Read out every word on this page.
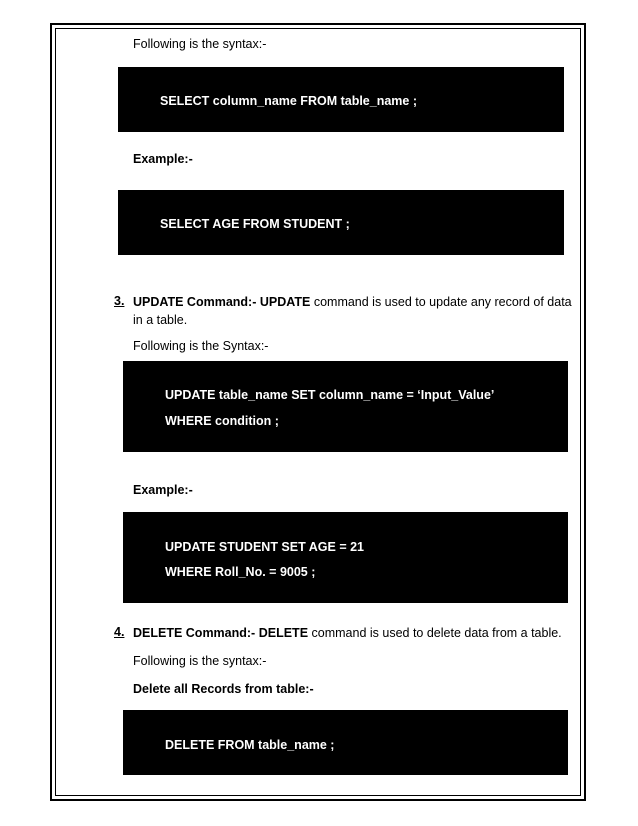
Following is the syntax:-
SELECT column_name FROM table_name ;
Example:-
SELECT AGE FROM STUDENT ;
3. UPDATE Command:- UPDATE command is used to update any record of data
in a table.
Following is the Syntax:-
UPDATE table_name SET column_name = ‘Input_Value’
WHERE condition ;
Example:-
UPDATE STUDENT SET AGE = 21
WHERE Roll_No. = 9005 ;
4. DELETE Command:- DELETE command is used to delete data from a table.
Following is the syntax:-
Delete all Records from table:-
DELETE FROM table_name ;
